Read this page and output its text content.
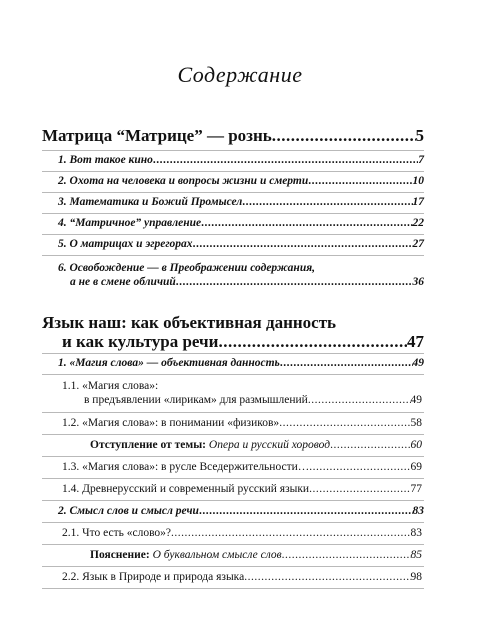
Содержание
Матрица “Матрице” — рознь .....	5
1. Вот такое кино .....	7
2. Охота на человека и вопросы жизни и смерти .....	10
3. Математика и Божий Промысел .....	17
4. “Матричное” управление .....	22
5. О матрицах и эгрегорах .....	27
6. Освобождение — в Преображении содержания,
а не в смене обличий .....	36
Язык наш: как объективная данность
и как культура речи .....	47
1. «Магия слова» — объективная данность .....	49
1.1. «Магия слова»:
в предъявлении «лирикам» для размышлений .....	49
1.2. «Магия слова»: в понимании «физиков» .....	58
Отступление от темы: Опера и русский хоровод .....	60
1.3. «Магия слова»: в русле Вседержительности… .....	69
1.4. Древнерусский и современный русский языки .....	77
2. Смысл слов и смысл речи .....	83
2.1. Что есть «слово»? .....	83
Пояснение: О буквальном смысле слов .....	85
2.2. Язык в Природе и природа языка .....	98
